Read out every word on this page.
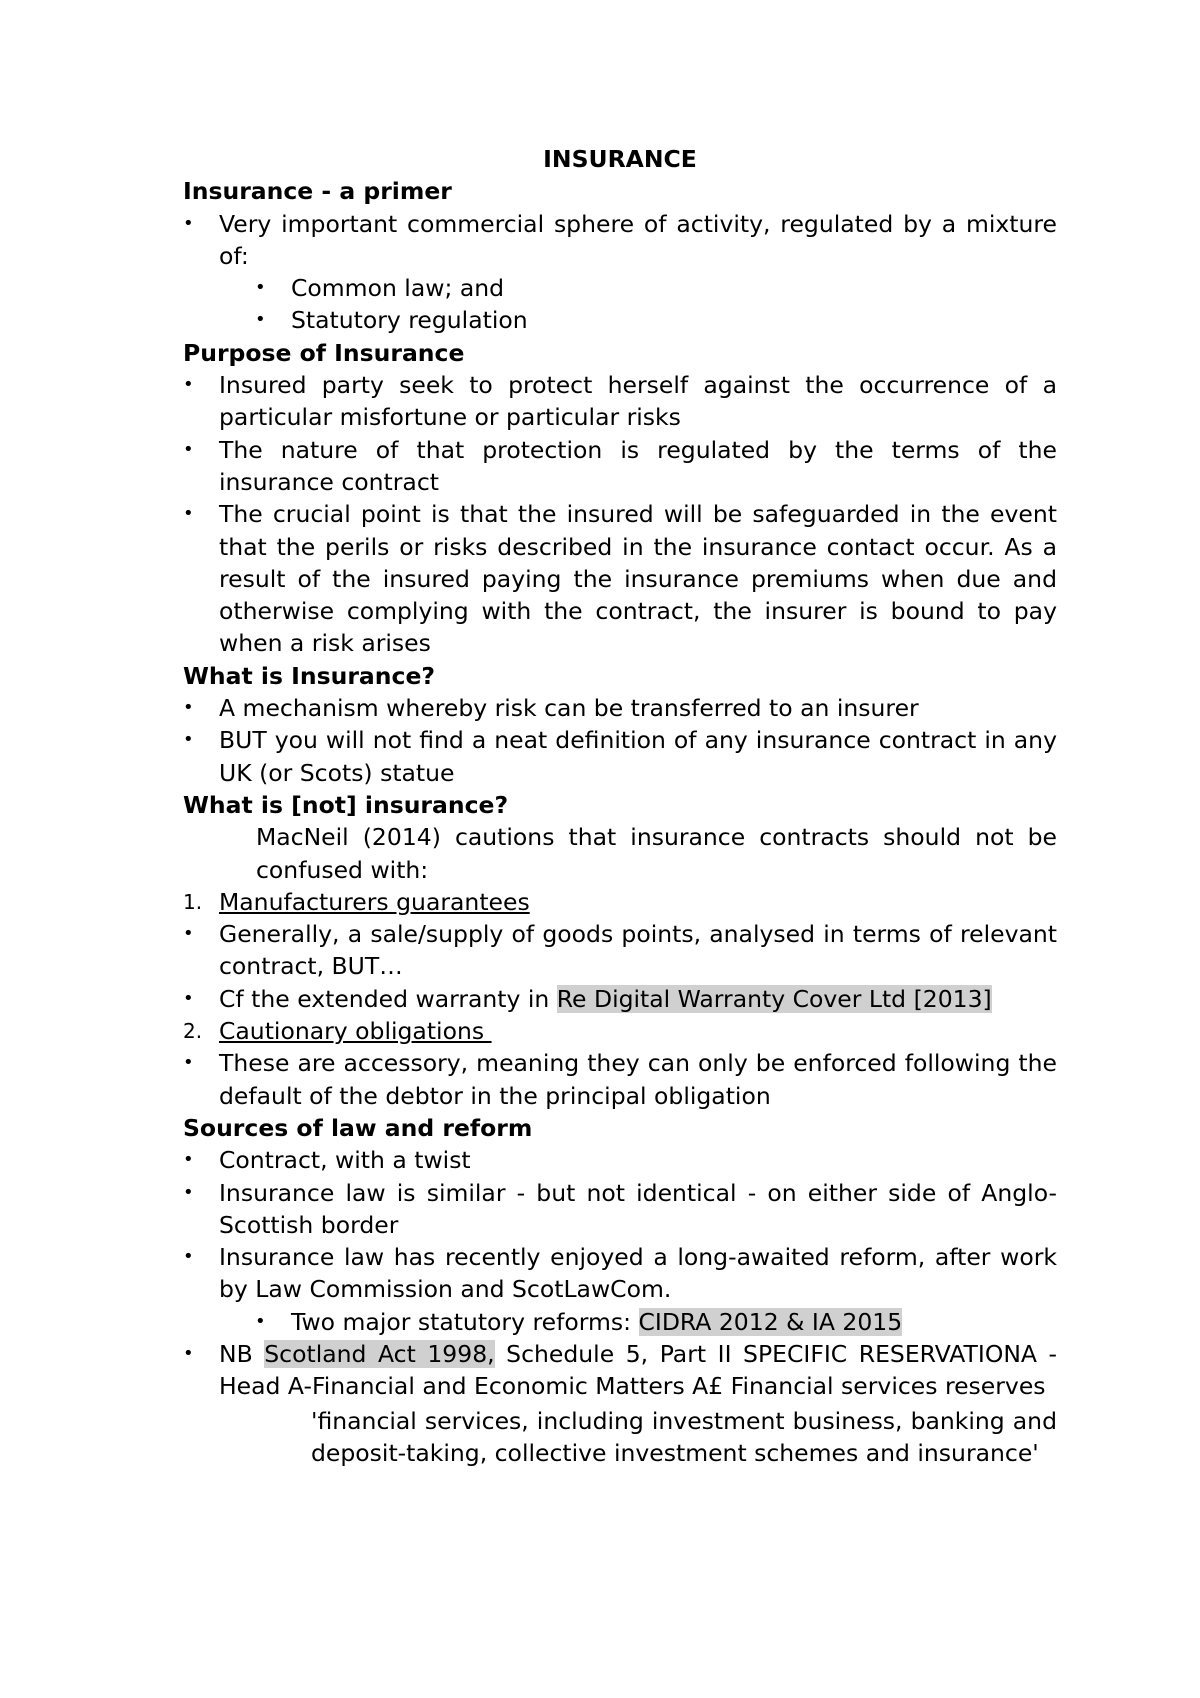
INSURANCE
Insurance - a primer
•	Very important commercial sphere of activity, regulated by a mixture of:
•	Common law; and
•	Statutory regulation
Purpose of Insurance
•	Insured party seek to protect herself against the occurrence of a particular misfortune or particular risks
•	The nature of that protection is regulated by the terms of the insurance contract
•	The crucial point is that the insured will be safeguarded in the event that the perils or risks described in the insurance contact occur. As a result of the insured paying the insurance premiums when due and otherwise complying with the contract, the insurer is bound to pay when a risk arises
What is Insurance?
•	A mechanism whereby risk can be transferred to an insurer
•	BUT you will not find a neat definition of any insurance contract in any UK (or Scots) statue
What is [not] insurance?
MacNeil (2014) cautions that insurance contracts should not be confused with:
1. Manufacturers guarantees
•	Generally, a sale/supply of goods points, analysed in terms of relevant contract, BUT…
•	Cf the extended warranty in Re Digital Warranty Cover Ltd [2013]
2. Cautionary obligations
•	These are accessory, meaning they can only be enforced following the default of the debtor in the principal obligation
Sources of law and reform
•	Contract, with a twist
•	Insurance law is similar - but not identical - on either side of Anglo-Scottish border
•	Insurance law has recently enjoyed a long-awaited reform, after work by Law Commission and ScotLawCom.
•	Two major statutory reforms: CIDRA 2012 & IA 2015
•	NB Scotland Act 1998, Schedule 5, Part II SPECIFIC RESERVATIONA - Head A-Financial and Economic Matters A£ Financial services reserves
'financial services, including investment business, banking and deposit-taking, collective investment schemes and insurance'
